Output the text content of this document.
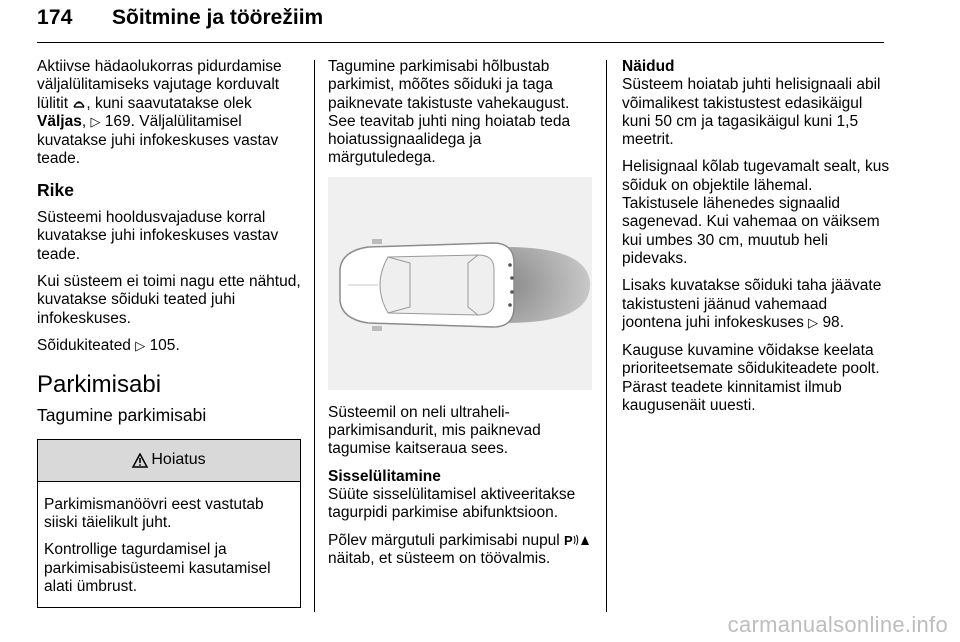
174 Sõitmine ja töörežiim

Aktiivse hädaolukorras pidurdamise väljalülitamiseks vajutage korduvalt lülitit , kuni saavutatakse olek Väljas, ▷ 169. Väljalülitamisel kuvatakse juhi infokeskuses vastav teade.

Rike

Süsteemi hooldusvajaduse korral kuvatakse juhi infokeskuses vastav teade.

Kui süsteem ei toimi nagu ette nähtud, kuvatakse sõiduki teated juhi infokeskuses.

Sõidukiteated ▷ 105.

Parkimisabi
Tagumine parkimisabi
Hoiatus

Parkimismanöövri eest vastutab siiski täielikult juht.

Kontrollige tagurdamisel ja parkimisabisüsteemi kasutamisel alati ümbrust.

Tagumine parkimisabi hõlbustab parkimist, mõõtes sõiduki ja taga paiknevate takistuste vahekaugust. See teavitab juhti ning hoiatab teda hoiatussignaalidega ja märgutuledega.

Süsteemil on neli ultraheli-parkimisandurit, mis paiknevad tagumise kaitseraua sees.

Sisselülitamine

Süüte sisselülitamisel aktiveeritakse tagurpidi parkimise abifunktsioon.

Põlev märgutuli parkimisabi nupul P
näitab, et süsteem on töövalmis.

Näidud

Süsteem hoiatab juhti helisignaali abil võimalikest takistustest edasikäigul kuni 50 cm ja tagasikäigul kuni 1,5 meetrit.

Helisignaal kõlab tugevamalt sealt, kus sõiduk on objektile lähemal. Takistusele lähenedes signaalid sagenevad. Kui vahemaa on väiksem kui umbes 30 cm, muutub heli pidevaks.

Lisaks kuvatakse sõiduki taha jäävate takistusteni jäänud vahemaad joontena juhi infokeskuses ▷ 98.

Kauguse kuvamine võidakse keelata prioriteetsemate sõidukiteadete poolt. Pärast teadete kinnitamist ilmub kaugusenäit uuesti.

carmanualsonline.info
